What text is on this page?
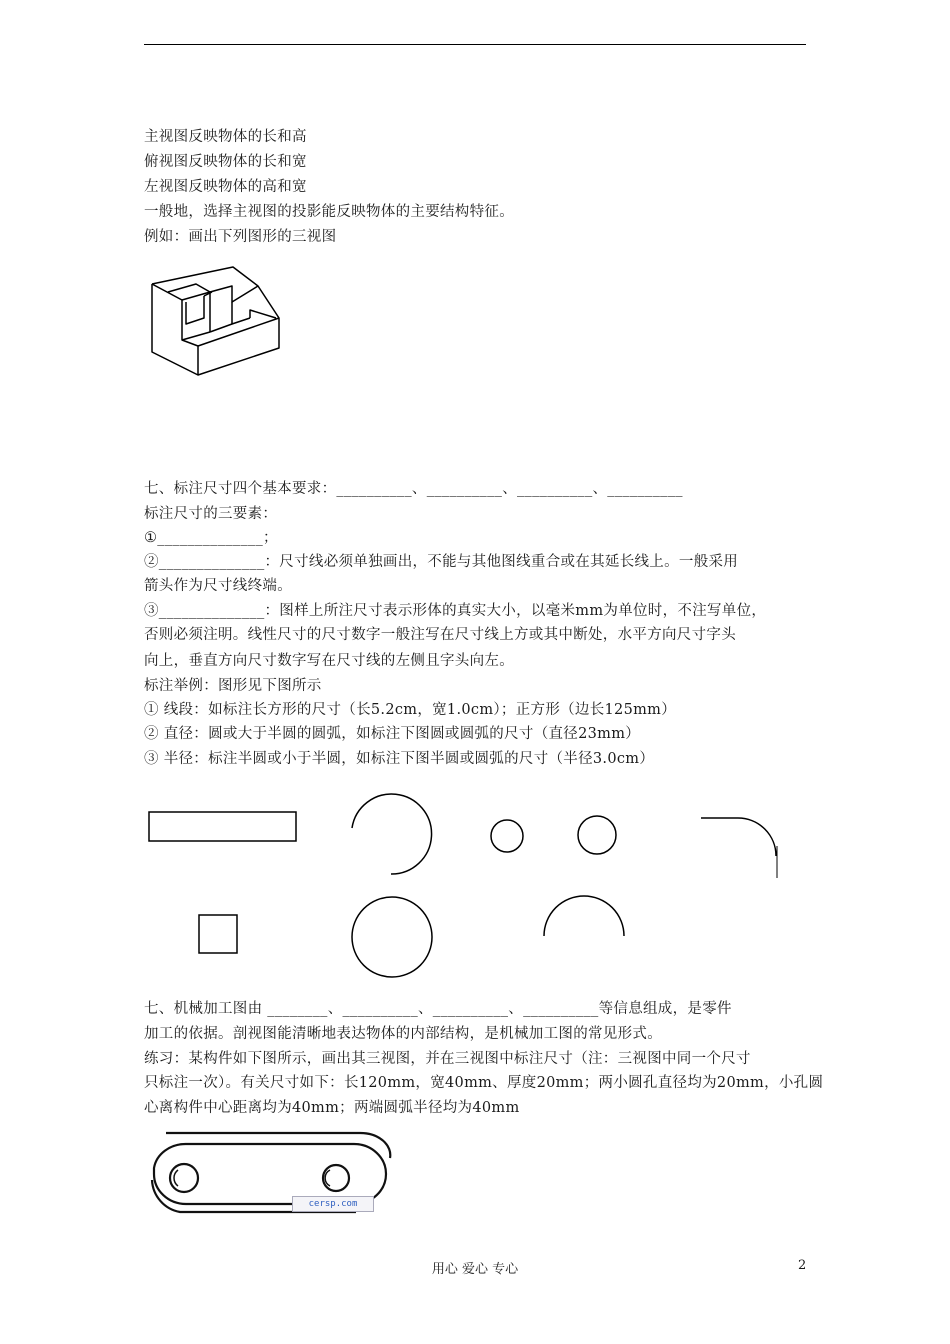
主视图反映物体的长和高
俯视图反映物体的长和宽
左视图反映物体的高和宽
一般地，选择主视图的投影能反映物体的主要结构特征。
例如：画出下列图形的三视图
七、标注尺寸四个基本要求：__________、__________、__________、__________
标注尺寸的三要素：
①______________；
②______________：尺寸线必须单独画出，不能与其他图线重合或在其延长线上。一般采用
箭头作为尺寸线终端。
③______________：图样上所注尺寸表示形体的真实大小，以毫米mm为单位时，不注写单位，
否则必须注明。线性尺寸的尺寸数字一般注写在尺寸线上方或其中断处，水平方向尺寸字头
向上，垂直方向尺寸数字写在尺寸线的左侧且字头向左。
标注举例：图形见下图所示
① 线段：如标注长方形的尺寸（长5.2cm，宽1.0cm）；正方形（边长125mm）
② 直径：圆或大于半圆的圆弧，如标注下图圆或圆弧的尺寸（直径23mm）
③ 半径：标注半圆或小于半圆，如标注下图半圆或圆弧的尺寸（半径3.0cm）
七、机械加工图由 ________、__________、__________、__________等信息组成，是零件
加工的依据。剖视图能清晰地表达物体的内部结构，是机械加工图的常见形式。
练习：某构件如下图所示，画出其三视图，并在三视图中标注尺寸（注：三视图中同一个尺寸
只标注一次）。有关尺寸如下：长120mm，宽40mm、厚度20mm；两小圆孔直径均为20mm，小孔圆
心离构件中心距离均为40mm；两端圆弧半径均为40mm
cersp.com
用心 爱心 专心	2
